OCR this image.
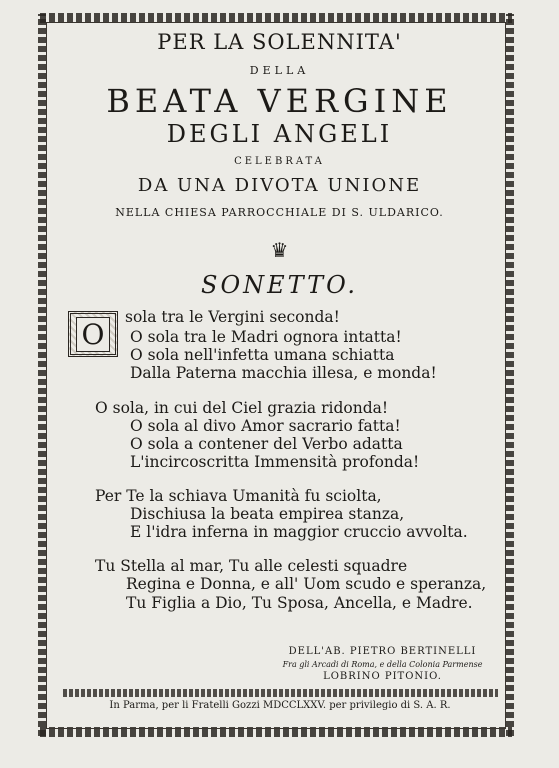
PER LA SOLENNITA'
DELLA
BEATA VERGINE
DEGLI ANGELI
CELEBRATA
DA UNA DIVOTA UNIONE
NELLA CHIESA PARROCCHIALE DI S. ULDARICO.
♛
SONETTO.
O
sola tra le Vergini seconda!
O sola tra le Madri ognora intatta!
O sola nell'infetta umana schiatta
Dalla Paterna macchia illesa, e monda!
O sola, in cui del Ciel grazia ridonda!
O sola al divo Amor sacrario fatta!
O sola a contener del Verbo adatta
L'incircoscritta Immensità profonda!
Per Te la schiava Umanità fu sciolta,
Dischiusa la beata empirea stanza,
E l'idra inferna in maggior cruccio avvolta.
Tu Stella al mar, Tu alle celesti squadre
Regina e Donna, e all' Uom scudo e speranza,
Tu Figlia a Dio, Tu Sposa, Ancella, e Madre.
DELL'AB. PIETRO BERTINELLI
Fra gli Arcadi di Roma, e della Colonia Parmense
LOBRINO PITONIO.
In Parma, per li Fratelli Gozzi MDCCLXXV. per privilegio di S. A. R.
